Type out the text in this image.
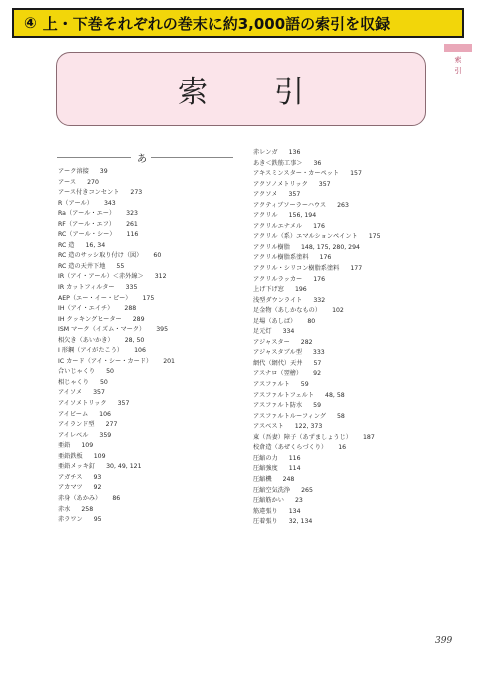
④ 上・下巻それぞれの巻末に約3,000語の索引を収録
索
引
索　引
あ
アーク溶接 39
アース 270
アース付きコンセント 273
R（アール） 343
Ra（アール・エー） 323
RF（アール・エフ） 261
RC（アール・シー） 116
RC 造 16, 34
RC 造のサッシ取り付け（図） 60
RC 造の天井下地 55
IR（アイ・アール）＜赤外線＞ 312
IR カットフィルター 335
AEP（エー・イー・ピー） 175
IH（アイ・エイチ） 288
IH クッキングヒーター 289
ISM マーク（イズム・マーク） 395
相欠き（あいかき） 28, 50
I 形鋼（アイがたこう） 106
IC カード（アイ・シー・カード） 201
合いじゃくり 50
相じゃくり 50
アイソメ 357
アイソメトリック 357
アイビーム 106
アイランド型 277
アイレベル 359
亜鉛 109
亜鉛鉄板 109
亜鉛メッキ釘 30, 49, 121
アガチス 93
アカマツ 92
赤身（あかみ） 86
赤水 258
赤ラワン 95
赤レンガ 136
あき＜鉄筋工事＞ 36
アキスミンスター・カーペット 157
アクソノメトリック 357
アクソメ 357
アクティブソーラーハウス 263
アクリル 156, 194
アクリルエナメル 176
アクリル（系）エマルションペイント 175
アクリル樹脂 148, 175, 280, 294
アクリル樹脂系塗料 176
アクリル・シリコン樹脂系塗料 177
アクリルラッカー 176
上げ下げ窓 196
浅型ダウンライト 332
足金物（あしかなもの） 102
足場（あしば） 80
足元灯 334
アジャスター 282
アジャスタブル型 333
網代（網代）天井 57
アスナロ（翌檜） 92
アスファルト 59
アスファルトフェルト 48, 58
アスファルト防水 59
アスファルトルーフィング 58
アスベスト 122, 373
東（吾妻）障子（あずましょうじ） 187
校倉造（あぜくらづくり） 16
圧縮の力 116
圧縮強度 114
圧縮機 248
圧縮空気洗浄 265
圧縮筋かい 23
筋違張り 134
圧着張り 32, 134
399
